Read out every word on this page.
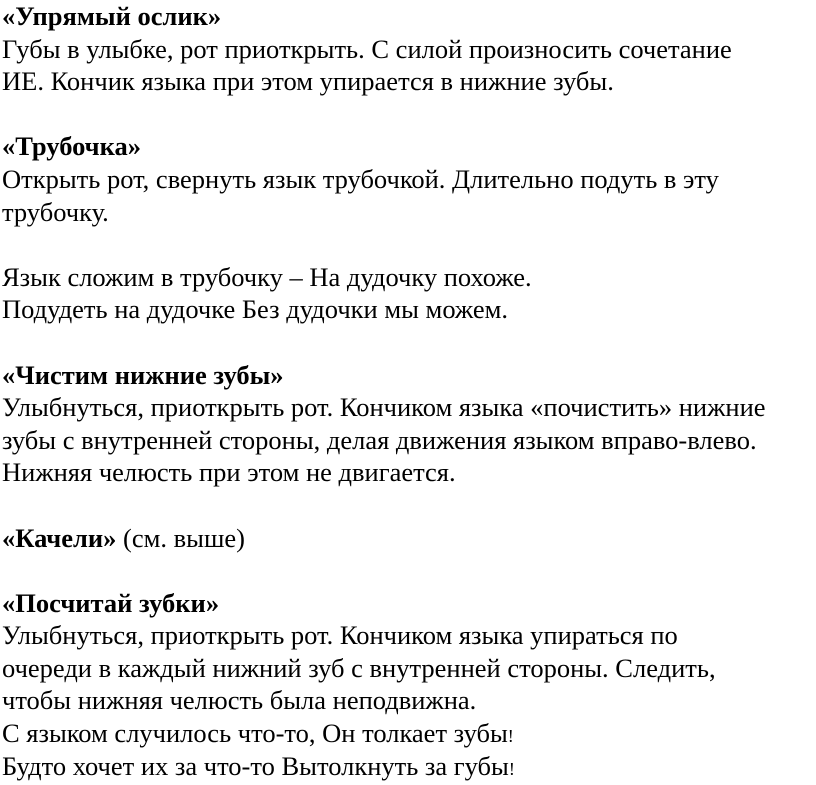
«Упрямый ослик»
Губы в улыбке, рот приоткрыть. С силой произносить сочетание
ИЕ. Кончик языка при этом упирается в нижние зубы.
«Трубочка»
Открыть рот, свернуть язык трубочкой. Длительно подуть в эту
трубочку.
Язык сложим в трубочку – На дудочку похоже.
Подудеть на дудочке Без дудочки мы можем.
«Чистим нижние зубы»
Улыбнуться, приоткрыть рот. Кончиком языка «почистить» нижние
зубы с внутренней стороны, делая движения языком вправо-влево.
Нижняя челюсть при этом не двигается.
«Качели» (см. выше)
«Посчитай зубки»
Улыбнуться, приоткрыть рот. Кончиком языка упираться по
очереди в каждый нижний зуб с внутренней стороны. Следить,
чтобы нижняя челюсть была неподвижна.
С языком случилось что-то, Он толкает зубы!
Будто хочет их за что-то Вытолкнуть за губы!
